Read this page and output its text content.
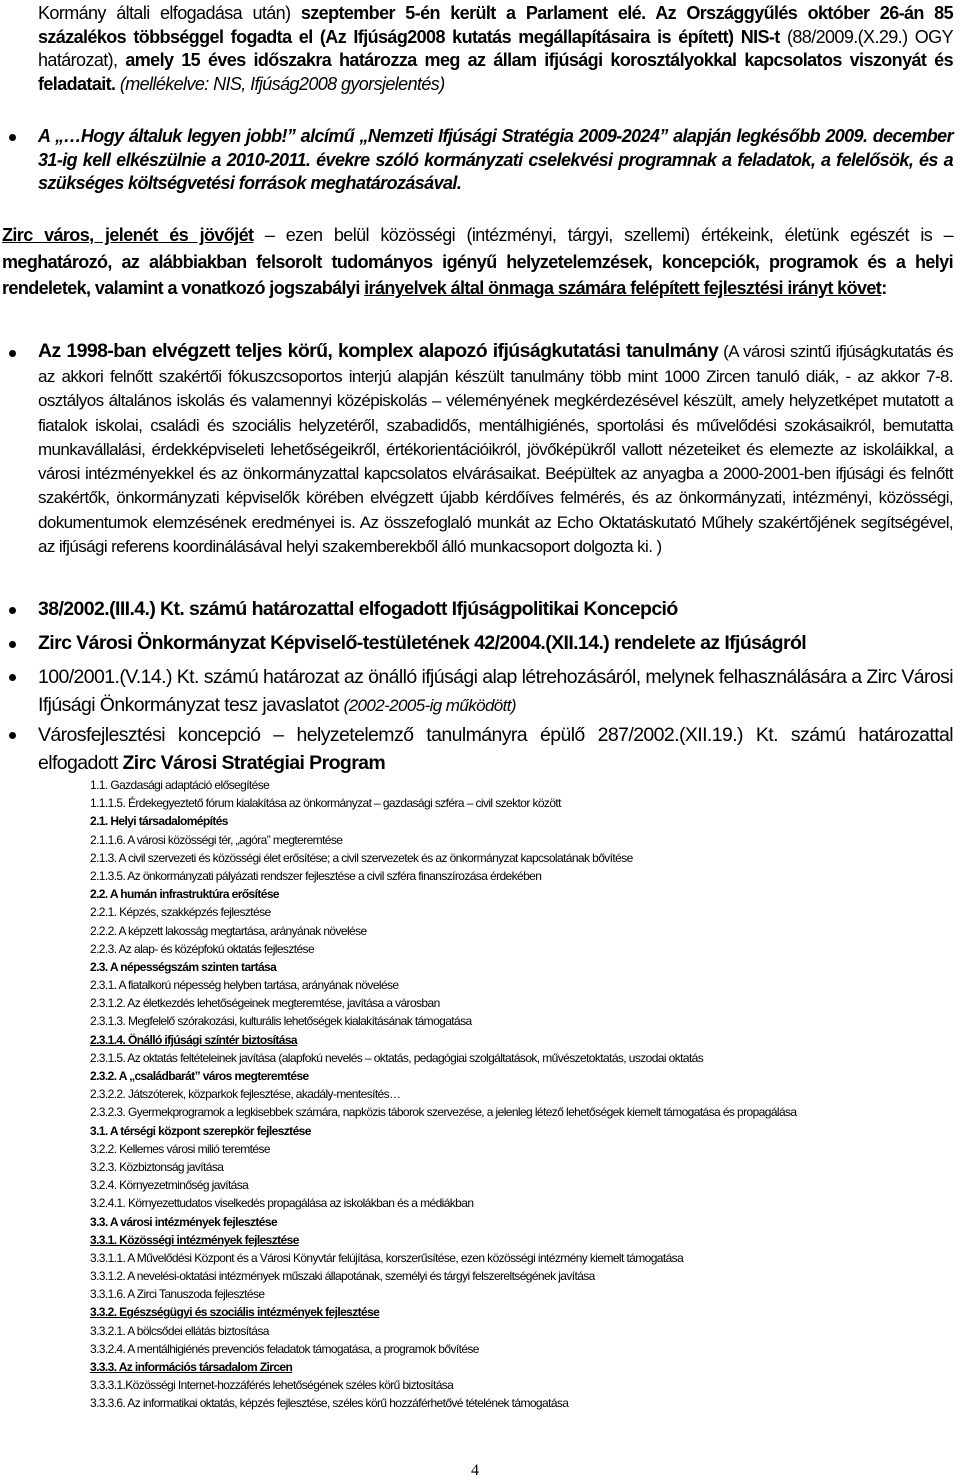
Kormány általi elfogadása után) szeptember 5-én került a Parlament elé. Az Országgyűlés október 26-án 85 százalékos többséggel fogadta el (Az Ifjúság2008 kutatás megállapításaira is épített) NIS-t (88/2009.(X.29.) OGY határozat), amely 15 éves időszakra határozza meg az állam ifjúsági korosztályokkal kapcsolatos viszonyát és feladatait. (mellékelve: NIS, Ifjúság2008 gyorsjelentés)
A „…Hogy általuk legyen jobb!” alcímű „Nemzeti Ifjúsági Stratégia 2009-2024” alapján legkésőbb 2009. december 31-ig kell elkészülnie a 2010-2011. évekre szóló kormányzati cselekvési programnak a feladatok, a felelősök, és a szükséges költségvetési források meghatározásával.
Zirc város, jelenét és jövőjét – ezen belül közösségi (intézményi, tárgyi, szellemi) értékeink, életünk egészét is – meghatározó, az alábbiakban felsorolt tudományos igényű helyzetelemzések, koncepciók, programok és a helyi rendeletek, valamint a vonatkozó jogszabályi irányelvek által önmaga számára felépített fejlesztési irányt követ:
Az 1998-ban elvégzett teljes körű, komplex alapozó ifjúságkutatási tanulmány (A városi szintű ifjúságkutatás és az akkori felnőtt szakértői fókuszcsoportos interjú alapján készült tanulmány több mint 1000 Zircen tanuló diák, - az akkor 7-8. osztályos általános iskolás és valamennyi középiskolás – véleményének megkérdezésével készült, amely helyzetképet mutatott a fiatalok iskolai, családi és szociális helyzetéről, szabadidős, mentálhigiénés, sportolási és művelődési szokásaikról, bemutatta munkavállalási, érdekképviseleti lehetőségeikről, értékorientációikról, jövőképükről vallott nézeteiket és elemezte az iskoláikkal, a városi intézményekkel és az önkormányzattal kapcsolatos elvárásaikat. Beépültek az anyagba a 2000-2001-ben ifjúsági és felnőtt szakértők, önkormányzati képviselők körében elvégzett újabb kérdőíves felmérés, és az önkormányzati, intézményi, közösségi, dokumentumok elemzésének eredményei is. Az összefoglaló munkát az Echo Oktatáskutató Műhely szakértőjének segítségével, az ifjúsági referens koordinálásával helyi szakemberekből álló munkacsoport dolgozta ki. )
38/2002.(III.4.) Kt. számú határozattal elfogadott Ifjúságpolitikai Koncepció
Zirc Városi Önkormányzat Képviselő-testületének 42/2004.(XII.14.) rendelete az Ifjúságról
100/2001.(V.14.) Kt. számú határozat az önálló ifjúsági alap létrehozásáról, melynek felhasználására a Zirc Városi Ifjúsági Önkormányzat tesz javaslatot (2002-2005-ig működött)
Városfejlesztési koncepció – helyzetelemző tanulmányra épülő 287/2002.(XII.19.) Kt. számú határozattal elfogadott Zirc Városi Stratégiai Program
1.1. Gazdasági adaptáció elősegítése
1.1.1.5. Érdekegyeztető fórum kialakítása az önkormányzat – gazdasági szféra – civil szektor között
2.1. Helyi társadalomépítés
2.1.1.6. A városi közösségi tér, „agóra” megteremtése
2.1.3. A civil szervezeti és közösségi élet erősítése; a civil szervezetek és az önkormányzat kapcsolatának bővítése
2.1.3.5. Az önkormányzati pályázati rendszer fejlesztése a civil szféra finanszírozása érdekében
2.2. A humán infrastruktúra erősítése
2.2.1. Képzés, szakképzés fejlesztése
2.2.2. A képzett lakosság megtartása, arányának növelése
2.2.3. Az alap- és középfokú oktatás fejlesztése
2.3. A népességszám szinten tartása
2.3.1. A fiatalkorú népesség helyben tartása, arányának növelése
2.3.1.2. Az életkezdés lehetőségeinek megteremtése, javítása a városban
2.3.1.3. Megfelelő szórakozási, kulturális lehetőségek kialakításának támogatása
2.3.1.4. Önálló ifjúsági színtér biztosítása
2.3.1.5. Az oktatás feltételeinek javítása (alapfokú nevelés – oktatás, pedagógiai szolgáltatások, művészetoktatás, uszodai oktatás
2.3.2. A „családbarát” város megteremtése
2.3.2.2. Játszóterek, közparkok fejlesztése, akadály-mentesítés…
2.3.2.3. Gyermekprogramok a legkisebbek számára, napközis táborok szervezése, a jelenleg létező lehetőségek kiemelt támogatása és propagálása
3.1. A térségi központ szerepkör fejlesztése
3.2.2. Kellemes városi milió teremtése
3.2.3. Közbiztonság javítása
3.2.4. Környezetminőség javítása
3.2.4.1. Környezettudatos viselkedés propagálása az iskolákban és a médiákban
3.3. A városi intézmények fejlesztése
3.3.1. Közösségi intézmények fejlesztése
3.3.1.1. A Művelődési Központ és a Városi Könyvtár felújítása, korszerűsítése, ezen közösségi intézmény kiemelt támogatása
3.3.1.2. A nevelési-oktatási intézmények műszaki állapotának, személyi és tárgyi felszereltségének javítása
3.3.1.6. A Zirci Tanuszoda fejlesztése
3.3.2. Egészségügyi és szociális intézmények fejlesztése
3.3.2.1. A bölcsődei ellátás biztosítása
3.3.2.4. A mentálhigiénés prevenciós feladatok támogatása, a programok bővítése
3.3.3. Az információs társadalom Zircen
3.3.3.1.Közösségi Internet-hozzáférés lehetőségének széles körű biztosítása
3.3.3.6. Az informatikai oktatás, képzés fejlesztése, széles körű hozzáférhetővé tételének támogatása
4
